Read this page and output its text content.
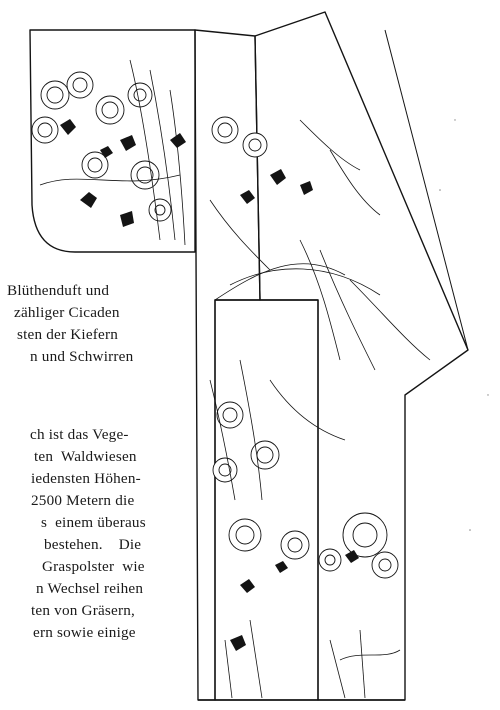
Blüthenduft und
zähliger Cicaden
sten der Kiefern
n und Schwirren
ch ist das Vege-
ten  Waldwiesen
iedensten Höhen-
2500 Metern die
s  einem überaus
bestehen.    Die
Graspolster  wie
n Wechsel reihen
ten von Gräsern,
ern sowie einige
